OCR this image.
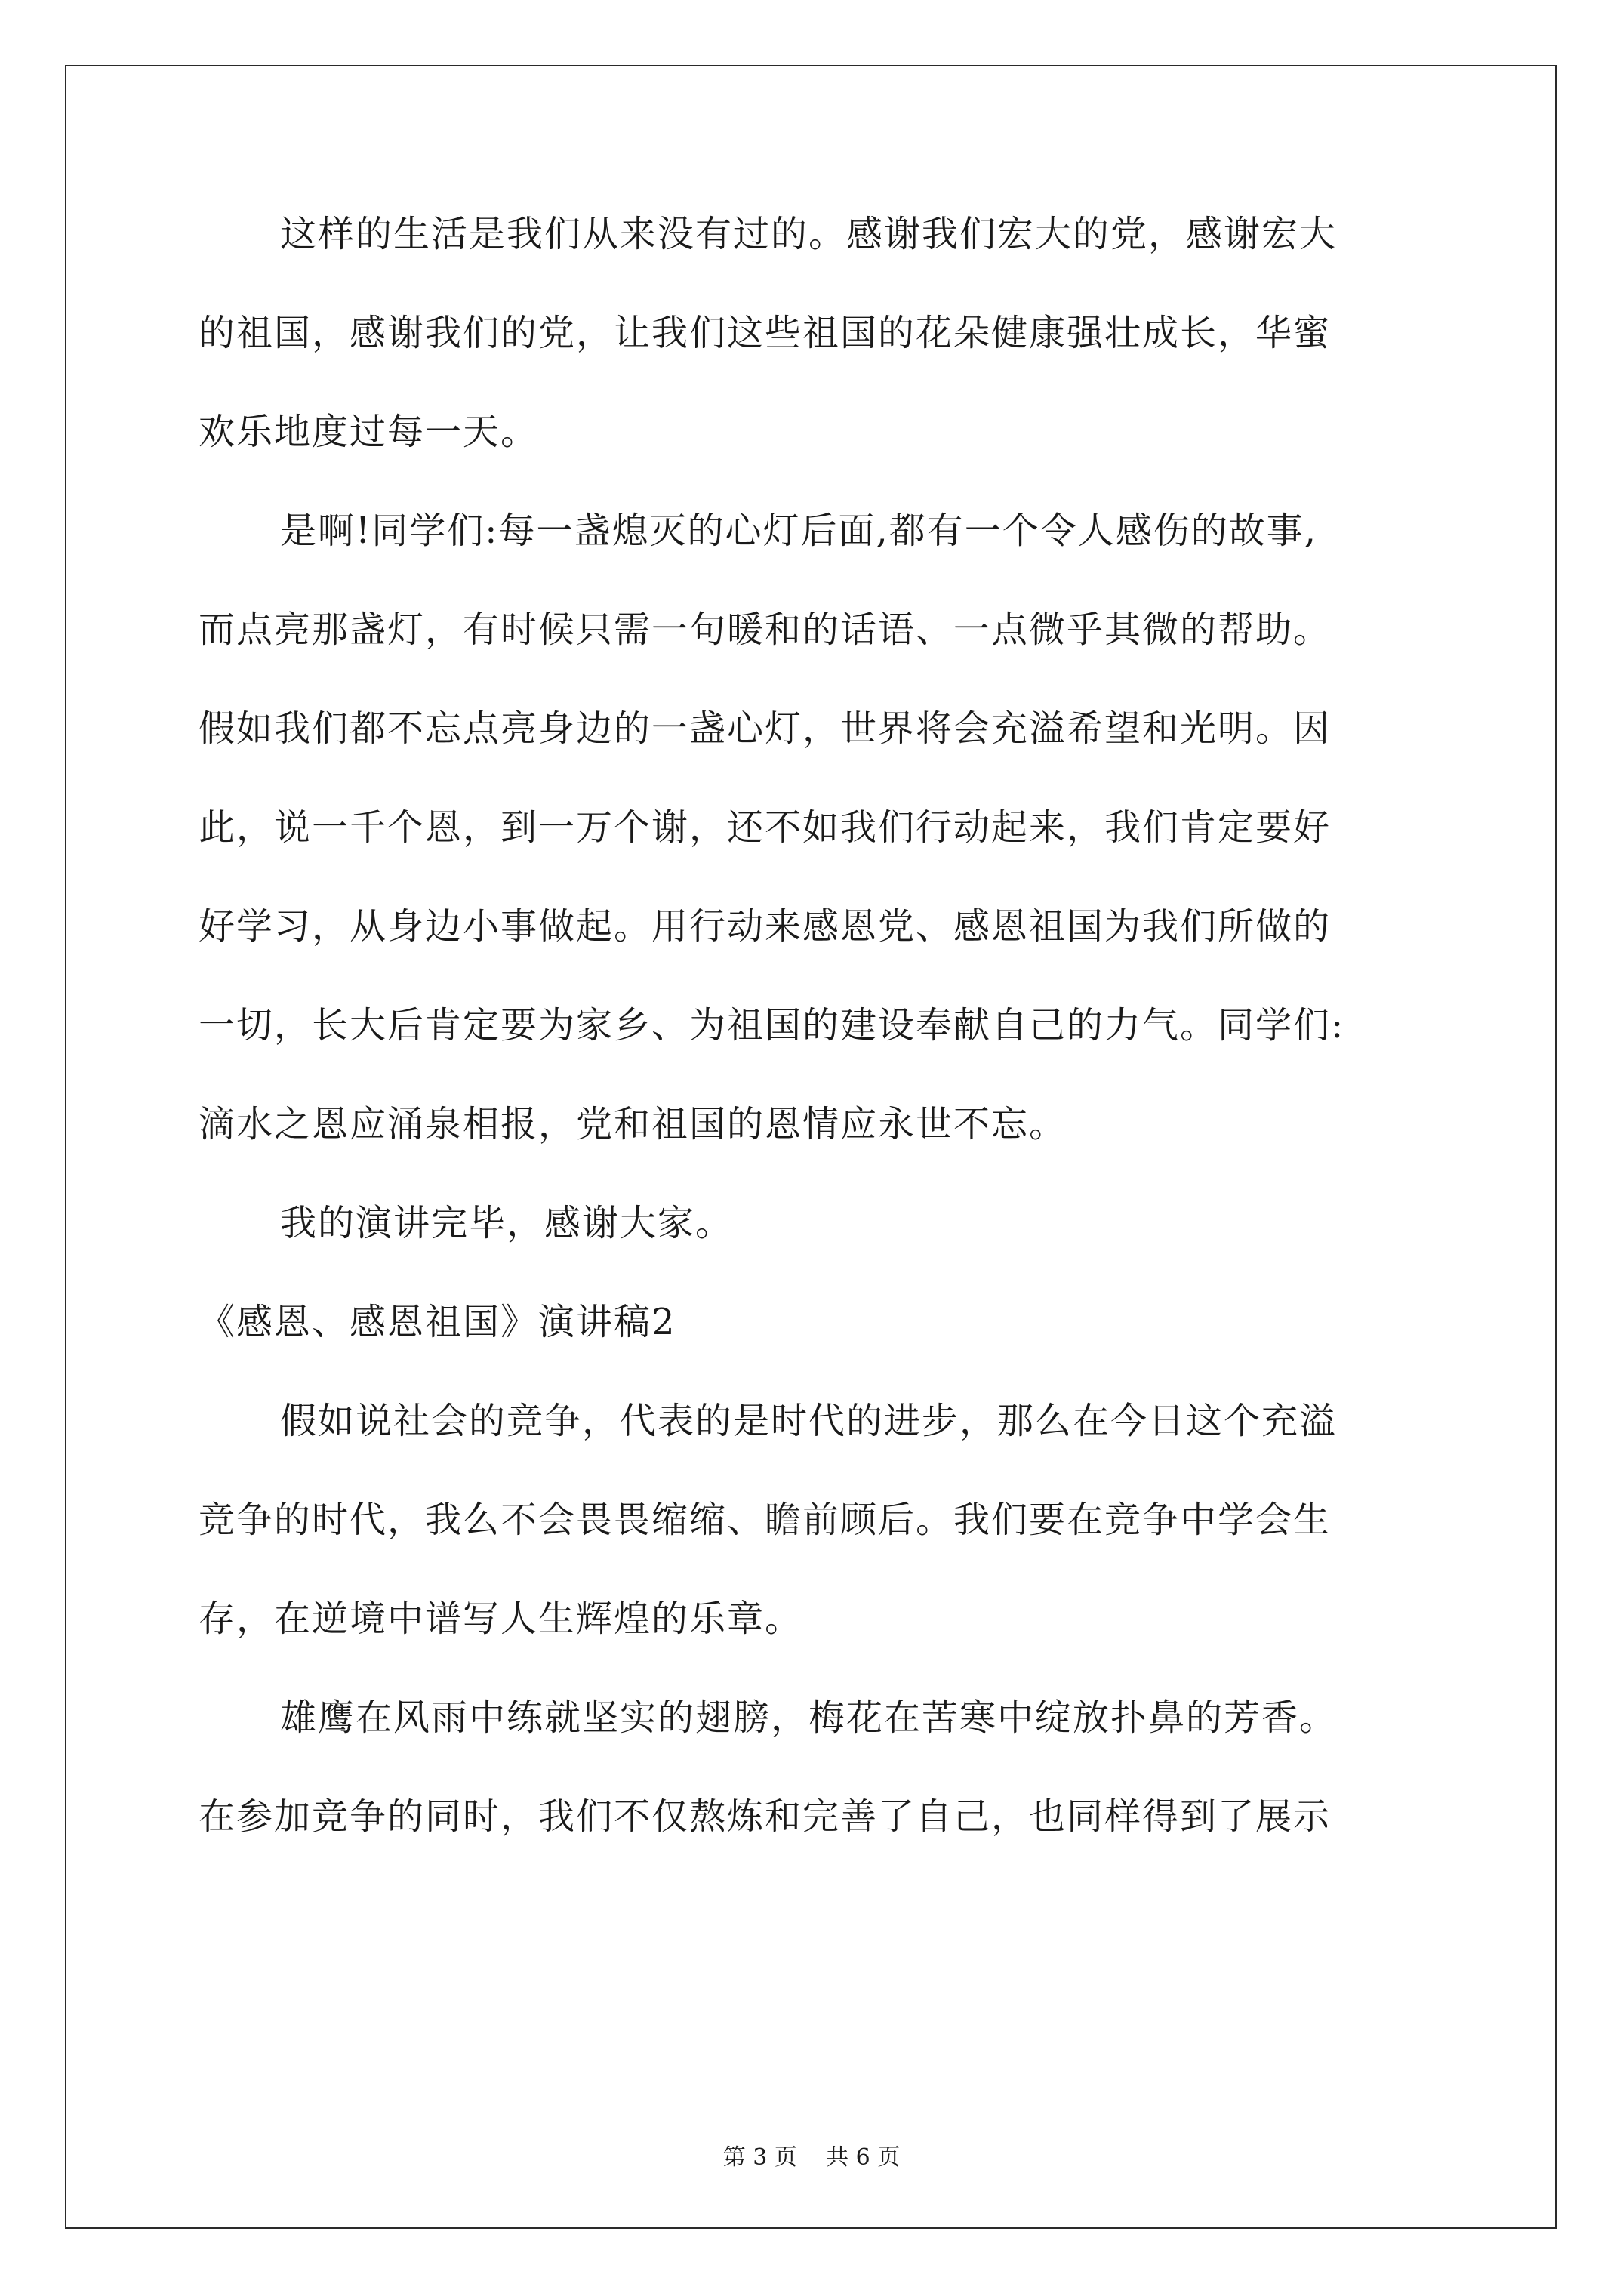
这样的生活是我们从来没有过的。感谢我们宏大的党，感谢宏大
的祖国，感谢我们的党，让我们这些祖国的花朵健康强壮成长，华蜜
欢乐地度过每一天。
是啊!同学们:每一盏熄灭的心灯后面,都有一个令人感伤的故事,
而点亮那盏灯，有时候只需一句暖和的话语、一点微乎其微的帮助。
假如我们都不忘点亮身边的一盏心灯，世界将会充溢希望和光明。因
此，说一千个恩，到一万个谢，还不如我们行动起来，我们肯定要好
好学习，从身边小事做起。用行动来感恩党、感恩祖国为我们所做的
一切，长大后肯定要为家乡、为祖国的建设奉献自己的力气。同学们:
滴水之恩应涌泉相报，党和祖国的恩情应永世不忘。
我的演讲完毕，感谢大家。
《感恩、感恩祖国》演讲稿2
假如说社会的竞争，代表的是时代的进步，那么在今日这个充溢
竞争的时代，我么不会畏畏缩缩、瞻前顾后。我们要在竞争中学会生
存，在逆境中谱写人生辉煌的乐章。
雄鹰在风雨中练就坚实的翅膀，梅花在苦寒中绽放扑鼻的芳香。
在参加竞争的同时，我们不仅熬炼和完善了自己，也同样得到了展示
第 3 页    共 6 页
